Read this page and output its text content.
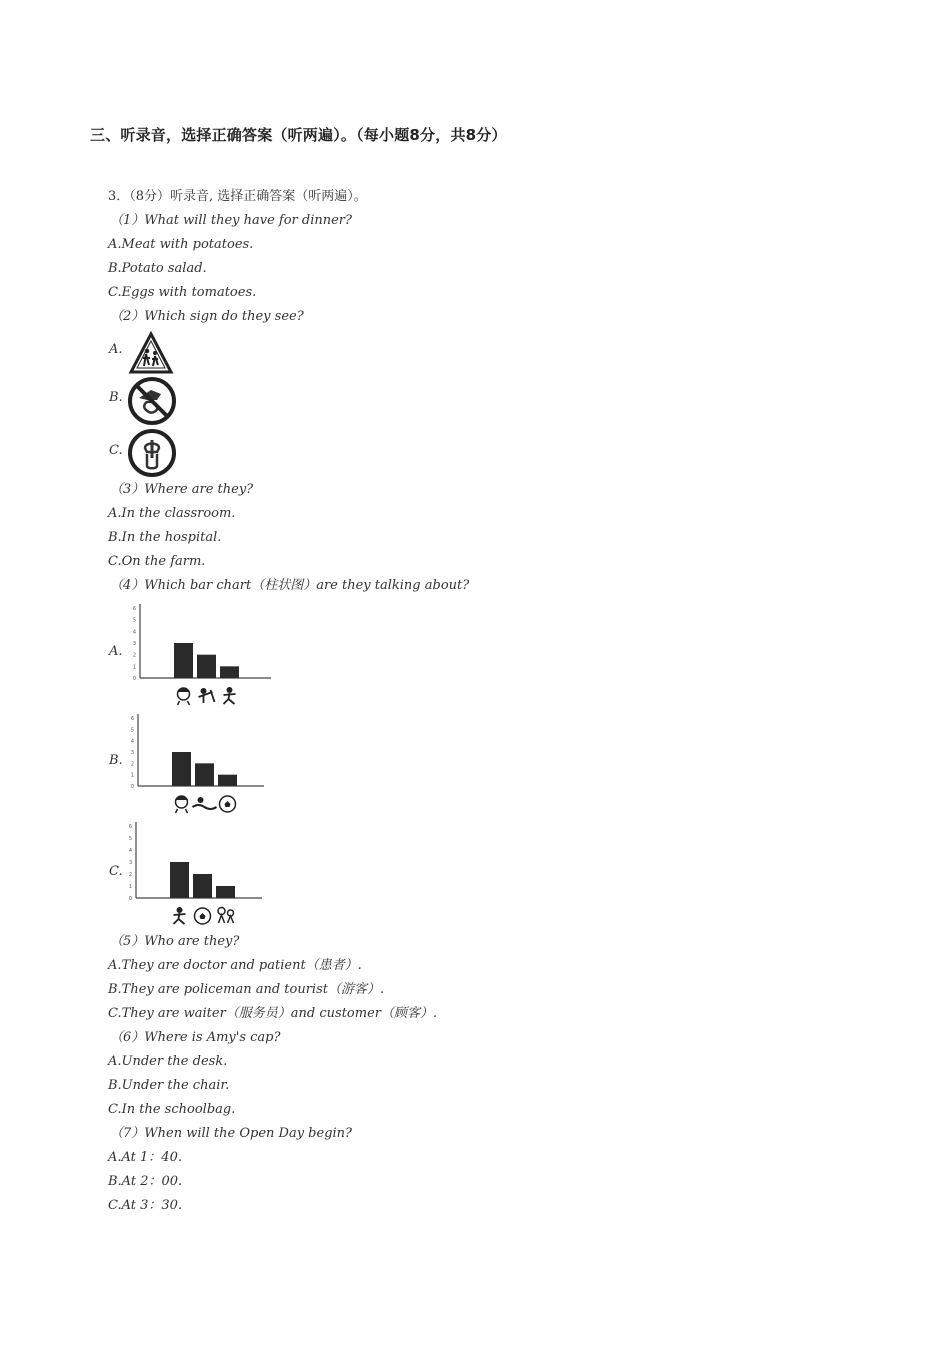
三、听录音，选择正确答案（听两遍）。（每小题8分，共8分）
3．（8分）听录音, 选择正确答案（听两遍）。
（1）What will they have for dinner?
A.Meat with potatoes.
B.Potato salad.
C.Eggs with tomatoes.
（2）Which sign do they see?
A.
B.
C.
（3）Where are they?
A.In the classroom.
B.In the hospital.
C.On the farm.
（4）Which bar chart（柱状图）are they talking about?
A.
0
1
2
3
4
5
6
B.
0
1
2
3
4
5
6
C.
0
1
2
3
4
5
6
（5）Who are they?
A.They are doctor and patient（患者）.
B.They are policeman and tourist（游客）.
C.They are waiter（服务员）and customer（顾客）.
（6）Where is Amy's cap?
A.Under the desk.
B.Under the chair.
C.In the schoolbag.
（7）When will the Open Day begin?
A.At 1：40.
B.At 2：00.
C.At 3：30.
